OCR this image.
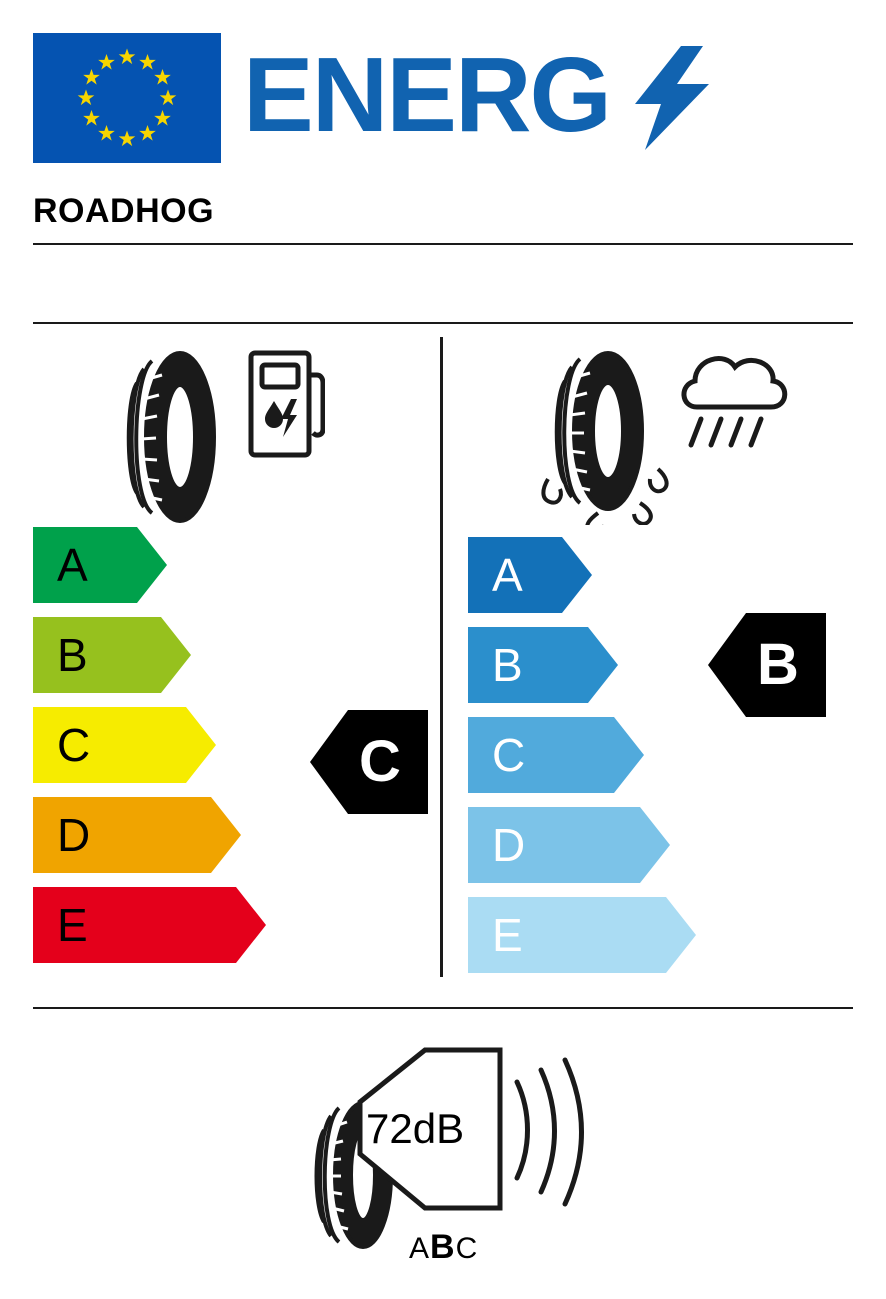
ENERG
ROADHOG
A
B
C
D
E
C
A
B
C
D
E
B
72dB
ABC
